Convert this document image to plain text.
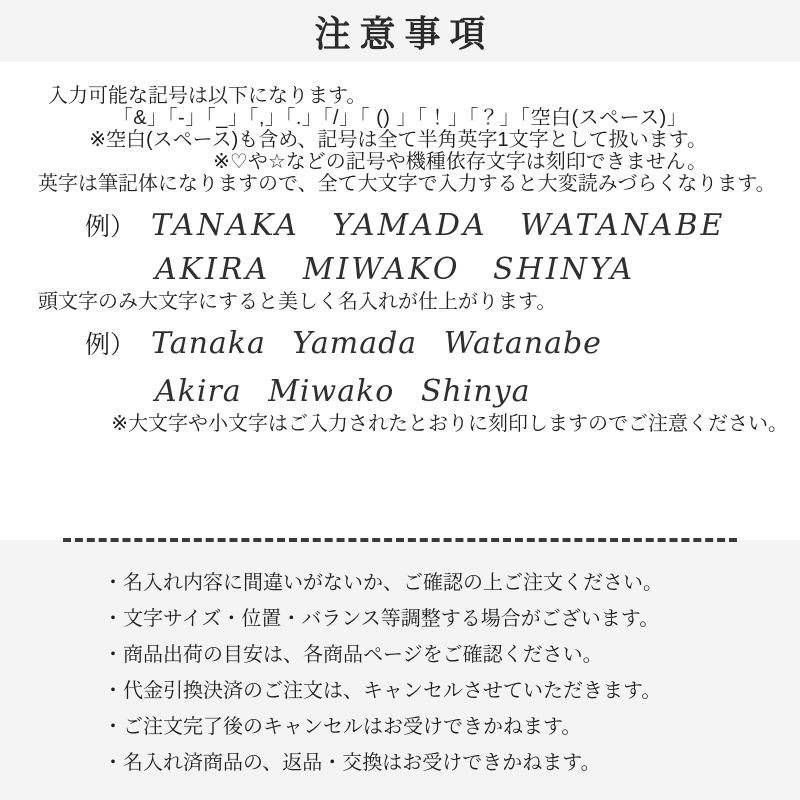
注意事項

入力可能な記号は以下になります。

「&」「-」「_」「,」「.」「/」「 () 」「！」「？」「空白(スペース)」

※空白(スペース)も含め、記号は全て半角英字1文字として扱います。

※♡や☆などの記号や機種依存文字は刻印できません。

英字は筆記体になりますので、全て大文字で入力すると大変読みづらくなります。

例） TANAKA YAMADA WATANABE
AKIRA MIWAKO SHINYA

頭文字のみ大文字にすると美しく名入れが仕上がります。

例） Tanaka Yamada Watanabe
Akira Miwako Shinya

※大文字や小文字はご入力されたとおりに刻印しますのでご注意ください。

・ 名入れ内容に間違いがないか、ご確認の上ご注文ください。
・ 文字サイズ・位置・バランス等調整する場合がございます。
・ 商品出荷の目安は、各商品ページをご確認ください。
・ 代金引換決済のご注文は、キャンセルさせていただきます。
・ ご注文完了後のキャンセルはお受けできかねます。
・ 名入れ済商品の、返品・交換はお受けできかねます。
